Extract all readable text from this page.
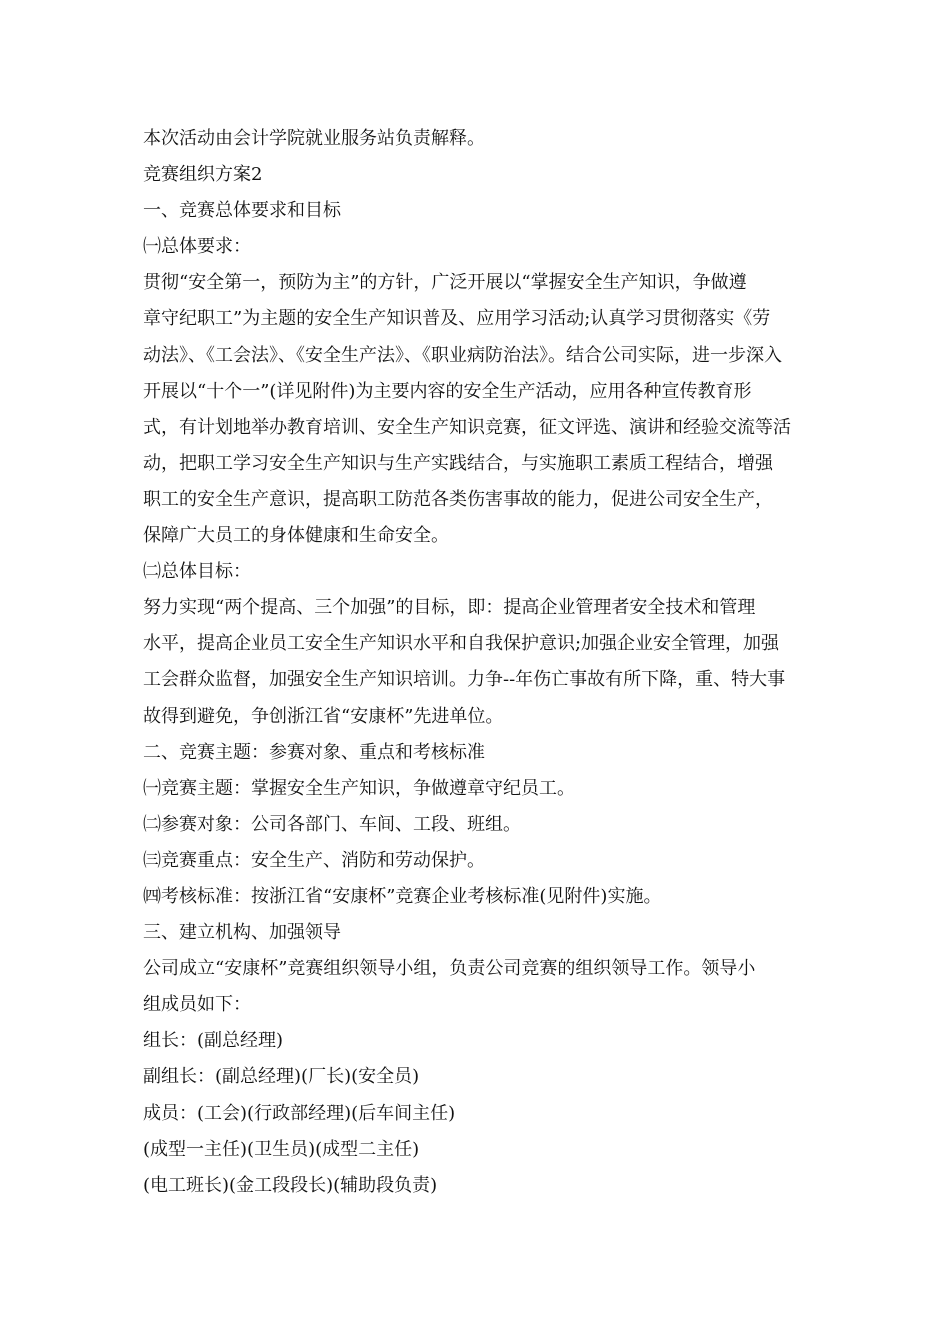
本次活动由会计学院就业服务站负责解释。
竞赛组织方案2
一、竞赛总体要求和目标
㈠总体要求：
贯彻“安全第一，预防为主”的方针，广泛开展以“掌握安全生产知识，争做遵
章守纪职工”为主题的安全生产知识普及、应用学习活动;认真学习贯彻落实《劳
动法》、《工会法》、《安全生产法》、《职业病防治法》。结合公司实际，进一步深入
开展以“十个一”(详见附件)为主要内容的安全生产活动，应用各种宣传教育形
式，有计划地举办教育培训、安全生产知识竞赛，征文评选、演讲和经验交流等活
动，把职工学习安全生产知识与生产实践结合，与实施职工素质工程结合，增强
职工的安全生产意识，提高职工防范各类伤害事故的能力，促进公司安全生产，
保障广大员工的身体健康和生命安全。
㈡总体目标：
努力实现“两个提高、三个加强”的目标，即：提高企业管理者安全技术和管理
水平，提高企业员工安全生产知识水平和自我保护意识;加强企业安全管理，加强
工会群众监督，加强安全生产知识培训。力争--年伤亡事故有所下降，重、特大事
故得到避免，争创浙江省“安康杯”先进单位。
二、竞赛主题：参赛对象、重点和考核标准
㈠竞赛主题：掌握安全生产知识，争做遵章守纪员工。
㈡参赛对象：公司各部门、车间、工段、班组。
㈢竞赛重点：安全生产、消防和劳动保护。
㈣考核标准：按浙江省“安康杯”竞赛企业考核标准(见附件)实施。
三、建立机构、加强领导
公司成立“安康杯”竞赛组织领导小组，负责公司竞赛的组织领导工作。领导小
组成员如下：
组长：(副总经理)
副组长：(副总经理)(厂长)(安全员)
成员：(工会)(行政部经理)(后车间主任)
(成型一主任)(卫生员)(成型二主任)
(电工班长)(金工段段长)(辅助段负责)
